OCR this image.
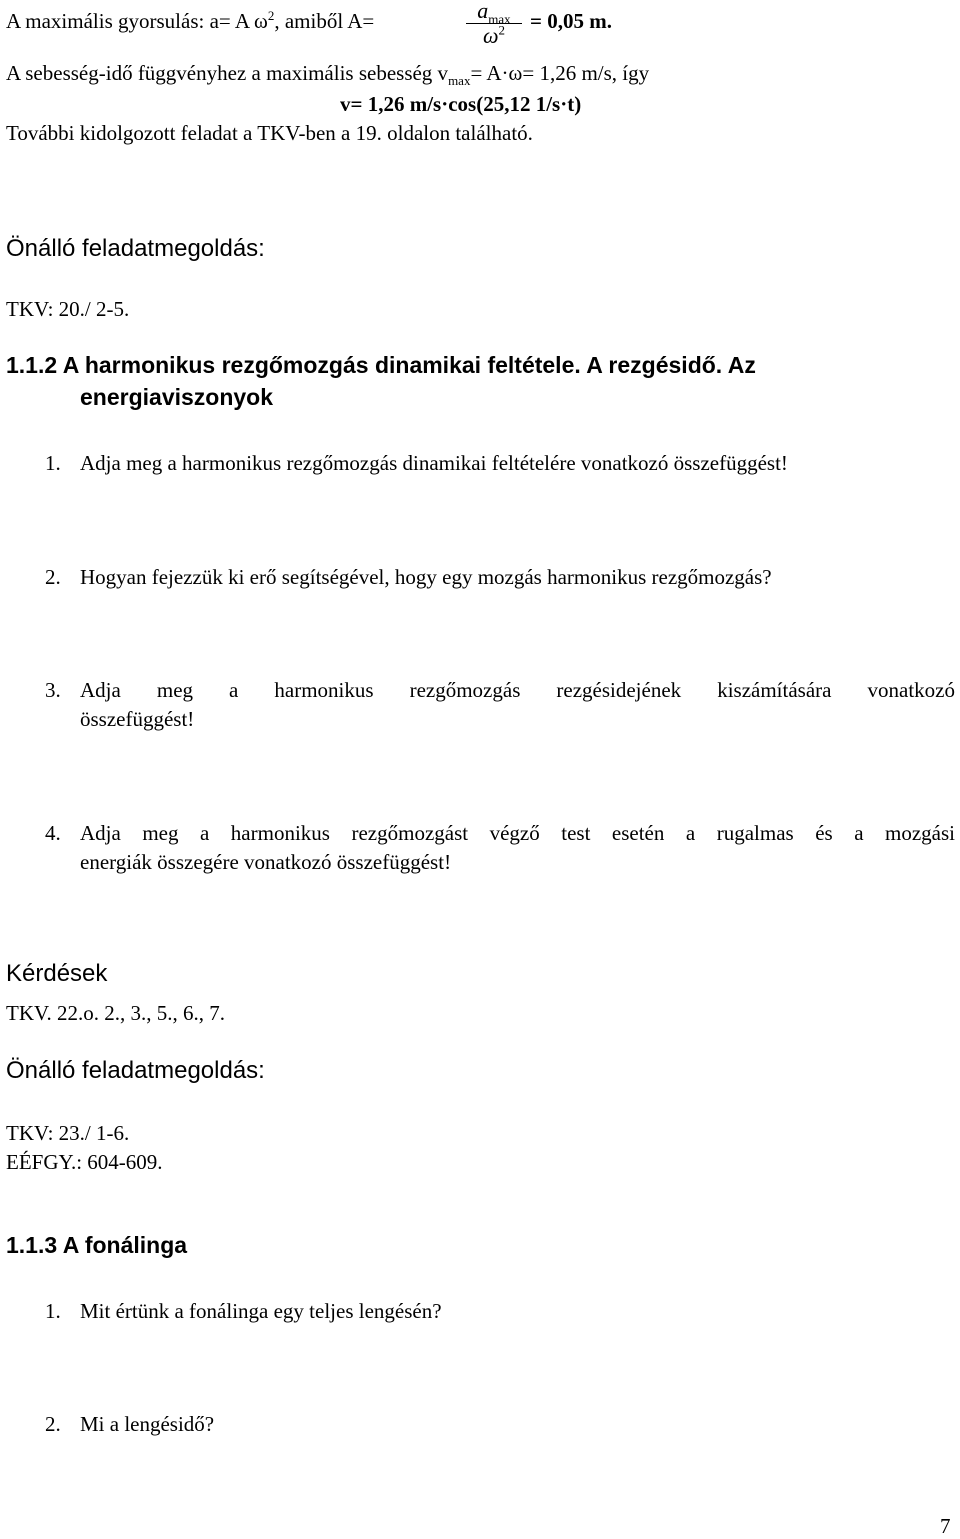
A maximális gyorsulás: a= A $\omega^2$, amiből A=	$a_{max}$
$\omega^2$	= 0,05 m.
A sebesség-idő függvényhez a maximális sebesség $v_{max}= A\cdot\omega= 1,26$ m/s, így
v= 1,26 m/s·cos(25,12 1/s·t)
További kidolgozott feladat a TKV-ben a 19. oldalon található.
Önálló feladatmegoldás:
TKV: 20./ 2-5.
1.1.2 A harmonikus rezgőmozgás dinamikai feltétele. A rezgésidő. Az
energiaviszonyok
1. Adja meg a harmonikus rezgőmozgás dinamikai feltételére vonatkozó összefüggést!
2. Hogyan fejezzük ki erő segítségével, hogy egy mozgás harmonikus rezgőmozgás?
3. Adja meg a harmonikus rezgőmozgás rezgésidejének kiszámítására vonatkozó
összefüggést!
4. Adja meg a harmonikus rezgőmozgást végző test esetén a rugalmas és a mozgási
energiák összegére vonatkozó összefüggést!
Kérdések
TKV. 22.o. 2., 3., 5., 6., 7.
Önálló feladatmegoldás:
TKV: 23./ 1-6.
EÉFGY.: 604-609.
1.1.3 A fonálinga
1. Mit értünk a fonálinga egy teljes lengésén?
2. Mi a lengésidő?
7
